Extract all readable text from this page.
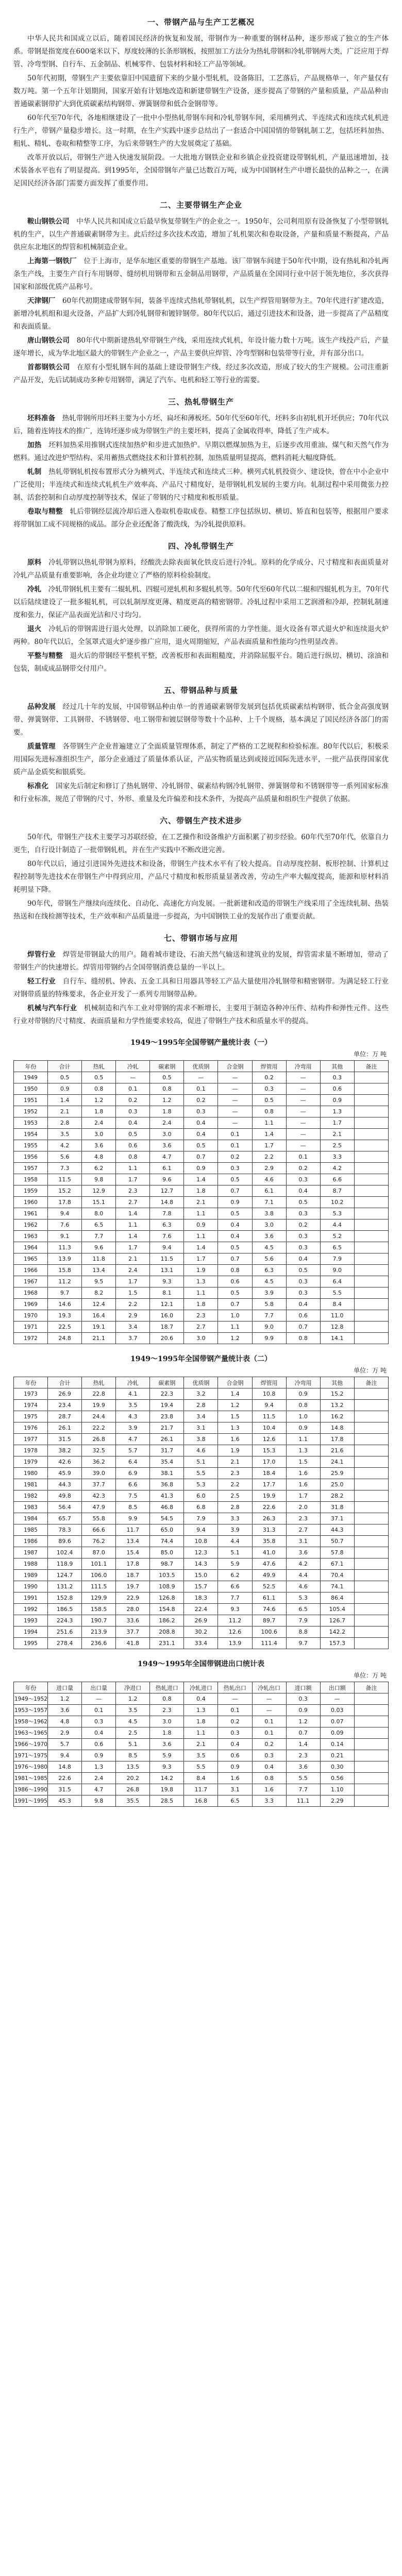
一、带钢产品与生产工艺概况

中华人民共和国成立以后，随着国民经济的恢复和发展，带钢作为一种重要的钢材品种，逐步形成了独立的生产体系。带钢是指宽度在600毫米以下、厚度较薄的长条形钢板，按照加工方法分为热轧带钢和冷轧带钢两大类，广泛应用于焊管、冷弯型钢、自行车、五金制品、机械零件、包装材料和轻工产品等领域。

50年代初期，带钢生产主要依靠旧中国遗留下来的少量小型轧机，设备陈旧，工艺落后，产品规格单一，年产量仅有数万吨。第一个五年计划期间，国家开始有计划地改造和新建带钢生产设备，逐步提高了带钢的产量和质量，产品品种由普通碳素钢带扩大到优质碳素结构钢带、弹簧钢带和低合金钢带等。

60年代至70年代，各地相继建设了一批中小型热轧带钢车间和冷轧带钢车间，采用横列式、半连续式和连续式轧机进行生产，带钢产量稳步增长。这一时期，在生产实践中逐步总结出了一套适合中国国情的带钢轧制工艺，包括坯料加热、粗轧、精轧、卷取和精整等工序，为后来带钢生产的大发展奠定了基础。

改革开放以后，带钢生产进入快速发展阶段。一大批地方钢铁企业和乡镇企业投资建设带钢轧机，产量迅速增加，技术装备水平也有了明显提高。到1995年，全国带钢年产量已达数百万吨，成为中国钢材生产中增长最快的品种之一，在满足国民经济各部门需要方面发挥了重要作用。

二、主要带钢生产企业

鞍山钢铁公司　 中华人民共和国成立后最早恢复带钢生产的企业之一。1950年，公司利用原有设备恢复了小型带钢轧机的生产，以生产普通碳素钢带为主。此后经过多次技术改造，增加了轧机架次和卷取设备，产量和质量不断提高，产品供应东北地区的焊管和机械制造企业。

上海第一钢铁厂　 位于上海市，是华东地区重要的带钢生产基地。该厂带钢车间建于50年代中期，设有热轧和冷轧两条生产线，主要生产自行车用钢带、缝纫机用钢带和五金制品用钢带，产品质量在全国同行业中居于领先地位，多次获得国家和部级优质产品称号。

天津钢厂　 60年代初期建成带钢车间，装备半连续式热轧带钢轧机，以生产焊管用钢带为主。70年代进行扩建改造，新增冷轧机组和退火设备，产品扩大到冷轧钢带和镀锌钢带。80年代以后，通过引进技术和设备，进一步提高了产品精度和表面质量。

唐山钢铁公司　 80年代中期新建热轧窄带钢生产线，采用连续式轧机，年设计能力数十万吨。该生产线投产后，产量逐年增长，成为华北地区最大的带钢生产企业之一，产品主要供应焊管、冷弯型钢和包装带等行业，并有部分出口。

首都钢铁公司　 在原有小型轧钢车间的基础上建设带钢生产线，经过多次改造，形成了较大的生产规模。公司注重新产品开发，先后试制成功多种专用钢带，满足了汽车、电机和轻工等行业的需要。

三、热轧带钢生产

坯料准备　 热轧带钢所用坯料主要为小方坯、扁坯和薄板坯。50年代至60年代，坯料多由初轧机开坯供应；70年代以后，随着连铸技术的推广，连铸坯逐步成为带钢生产的主要坯料，提高了金属收得率，降低了生产成本。

加热　 坯料加热采用推钢式连续加热炉和步进式加热炉。早期以燃煤加热为主，后逐步改用重油、煤气和天然气作为燃料。通过改进炉型结构、采用蓄热式燃烧技术和计算机控制，加热质量明显提高，燃料消耗大幅度降低。

轧制　 热轧带钢轧机按布置形式分为横列式、半连续式和连续式三种。横列式轧机投资少、建设快，曾在中小企业中广泛使用；半连续式和连续式轧机生产效率高、产品尺寸精度好，是带钢轧机发展的主要方向。轧制过程中采用微张力控制、活套控制和自动厚度控制等技术，保证了带钢的尺寸精度和板形质量。

卷取与精整　 轧后带钢经层流冷却后进入卷取机卷取成卷。精整工序包括纵切、横切、矫直和包装等，根据用户要求将带钢加工成不同规格的成品。部分企业还配备了酸洗线，为冷轧提供原料。

四、冷轧带钢生产

原料　 冷轧带钢以热轧带钢为原料，经酸洗去除表面氧化铁皮后进行冷轧。原料的化学成分、尺寸精度和表面质量对冷轧产品质量有重要影响，各企业均建立了严格的原料检验制度。

冷轧　 冷轧带钢轧机主要有二辊轧机、四辊可逆轧机和多辊轧机等。50年代至60年代以二辊和四辊轧机为主，70年代以后陆续建设了一批多辊轧机，可以轧制厚度更薄、精度更高的精密钢带。冷轧过程中采用工艺润滑和冷却，控制轧制速度和张力，保证产品表面光洁和尺寸均匀。

退火　 冷轧后的带钢需进行退火处理，以消除加工硬化，获得所需的力学性能。退火设备有罩式退火炉和连续退火炉两种。80年代以后，全氢罩式退火炉逐步推广应用，退火周期缩短，产品表面质量和性能均匀性明显改善。

平整与精整　 退火后的带钢经平整机平整，改善板形和表面粗糙度，并消除屈服平台。随后进行纵切、横切、涂油和包装，制成成品钢带交付用户。

五、带钢品种与质量

品种发展　 经过几十年的发展，中国带钢品种由单一的普通碳素钢带发展到包括优质碳素结构钢带、低合金高强度钢带、弹簧钢带、工具钢带、不锈钢带、电工钢带和镀层钢带等数十个品种、上千个规格，基本满足了国民经济各部门的需要。

质量管理　 各带钢生产企业普遍建立了全面质量管理体系，制定了严格的工艺规程和检验标准。80年代以后，积极采用国际先进标准组织生产，部分企业通过了质量体系认证，产品实物质量达到或接近国际先进水平，一批产品获得国家优质产品金质奖和银质奖。

标准化　 国家先后制定和修订了热轧钢带、冷轧钢带、碳素结构钢冷轧钢带、弹簧钢带和不锈钢带等一系列国家标准和行业标准，规范了带钢的尺寸、外形、重量及允许偏差和技术条件，为提高产品质量和组织生产提供了依据。

六、带钢生产技术进步

50年代，带钢生产技术主要学习苏联经验，在工艺操作和设备维护方面积累了初步经验。60年代至70年代，依靠自力更生，自行设计制造了一批带钢轧机，并在生产实践中不断改进完善。

80年代以后，通过引进国外先进技术和设备，带钢生产技术水平有了较大提高。自动厚度控制、板形控制、计算机过程控制等先进技术在带钢生产中得到应用，产品尺寸精度和板形质量显著改善，劳动生产率大幅度提高，能源和原材料消耗明显下降。

90年代，带钢生产继续向连续化、自动化、高速化方向发展。一批新建和改造的带钢生产线采用了全连续轧制、热装热送和在线检测等技术，生产效率和产品质量进一步提高，为中国钢铁工业的发展作出了重要贡献。

七、带钢市场与应用

焊管行业　 焊管是带钢最大的用户。随着城市建设、石油天然气输送和建筑业的发展，焊管需求量不断增加，带动了带钢生产的快速增长。焊管用带钢约占全国带钢消费总量的一半以上。

轻工行业　 自行车、缝纫机、钟表、五金工具和日用器具等轻工产品大量使用冷轧钢带和精密钢带。为满足轻工行业对钢带质量的特殊要求，各企业开发了一系列专用钢带品种。

机械与汽车行业　 机械制造和汽车工业对带钢的需求不断增长，主要用于制造各种冲压件、结构件和弹性元件。这些行业对带钢的尺寸精度、表面质量和力学性能要求较高，促进了带钢生产技术和质量水平的提高。

1949～1995年全国带钢产量统计表（一）
单位：万 吨
年份	合计	热轧	冷轧	碳素钢	优质钢	合金钢	焊管用	冷弯用	其他	备注
1949	0.5	0.5	—	0.5	—	—	0.2	—	0.3	
1950	0.9	0.8	0.1	0.8	0.1	—	0.3	—	0.6	
1951	1.4	1.2	0.2	1.2	0.2	—	0.5	—	0.9	
1952	2.1	1.8	0.3	1.8	0.3	—	0.8	—	1.3	
1953	2.8	2.4	0.4	2.4	0.4	—	1.1	—	1.7	
1954	3.5	3.0	0.5	3.0	0.4	0.1	1.4	—	2.1	
1955	4.2	3.6	0.6	3.6	0.5	0.1	1.7	—	2.5	
1956	5.6	4.8	0.8	4.7	0.7	0.2	2.2	0.1	3.3	
1957	7.3	6.2	1.1	6.1	0.9	0.3	2.9	0.2	4.2	
1958	11.5	9.8	1.7	9.6	1.4	0.5	4.6	0.3	6.6	
1959	15.2	12.9	2.3	12.7	1.8	0.7	6.1	0.4	8.7	
1960	17.8	15.1	2.7	14.8	2.1	0.9	7.1	0.5	10.2	
1961	9.4	8.0	1.4	7.8	1.1	0.5	3.8	0.3	5.3	
1962	7.6	6.5	1.1	6.3	0.9	0.4	3.0	0.2	4.4	
1963	9.1	7.7	1.4	7.6	1.1	0.4	3.6	0.3	5.2	
1964	11.3	9.6	1.7	9.4	1.4	0.5	4.5	0.3	6.5	
1965	13.9	11.8	2.1	11.5	1.7	0.7	5.6	0.4	7.9	
1966	15.8	13.4	2.4	13.1	1.9	0.8	6.3	0.5	9.0	
1967	11.2	9.5	1.7	9.3	1.3	0.6	4.5	0.3	6.4	
1968	9.7	8.2	1.5	8.1	1.1	0.5	3.9	0.3	5.5	
1969	14.6	12.4	2.2	12.1	1.8	0.7	5.8	0.4	8.4	
1970	19.3	16.4	2.9	16.0	2.3	1.0	7.7	0.6	11.0	
1971	22.5	19.1	3.4	18.7	2.7	1.1	9.0	0.7	12.8	
1972	24.8	21.1	3.7	20.6	3.0	1.2	9.9	0.8	14.1	
1949～1995年全国带钢产量统计表（二）
单位：万 吨
年份	合计	热轧	冷轧	碳素钢	优质钢	合金钢	焊管用	冷弯用	其他	备注
1973	26.9	22.8	4.1	22.3	3.2	1.4	10.8	0.9	15.2	
1974	23.4	19.9	3.5	19.4	2.8	1.2	9.4	0.8	13.2	
1975	28.7	24.4	4.3	23.8	3.4	1.5	11.5	1.0	16.2	
1976	26.1	22.2	3.9	21.7	3.1	1.3	10.4	0.9	14.8	
1977	31.5	26.8	4.7	26.1	3.8	1.6	12.6	1.1	17.8	
1978	38.2	32.5	5.7	31.7	4.6	1.9	15.3	1.3	21.6	
1979	42.6	36.2	6.4	35.4	5.1	2.1	17.0	1.5	24.1	
1980	45.9	39.0	6.9	38.1	5.5	2.3	18.4	1.6	25.9	
1981	44.3	37.7	6.6	36.8	5.3	2.2	17.7	1.6	25.0	
1982	49.8	42.3	7.5	41.3	6.0	2.5	19.9	1.7	28.2	
1983	56.4	47.9	8.5	46.8	6.8	2.8	22.6	2.0	31.8	
1984	65.7	55.8	9.9	54.5	7.9	3.3	26.3	2.3	37.1	
1985	78.3	66.6	11.7	65.0	9.4	3.9	31.3	2.7	44.3	
1986	89.6	76.2	13.4	74.4	10.8	4.4	35.8	3.1	50.7	
1987	102.4	87.0	15.4	85.0	12.3	5.1	41.0	3.6	57.8	
1988	118.9	101.1	17.8	98.7	14.3	5.9	47.6	4.2	67.1	
1989	124.7	106.0	18.7	103.5	15.0	6.2	49.9	4.4	70.4	
1990	131.2	111.5	19.7	108.9	15.7	6.6	52.5	4.6	74.1	
1991	152.8	129.9	22.9	126.8	18.3	7.7	61.1	5.3	86.4	
1992	186.5	158.5	28.0	154.8	22.4	9.3	74.6	6.5	105.4	
1993	224.3	190.7	33.6	186.2	26.9	11.2	89.7	7.9	126.7	
1994	251.6	213.9	37.7	208.8	30.2	12.6	100.6	8.8	142.2	
1995	278.4	236.6	41.8	231.1	33.4	13.9	111.4	9.7	157.3	
1949～1995年全国带钢进出口统计表
单位：万 吨
年份	进口量	出口量	净进口	热轧进口	冷轧进口	热轧出口	冷轧出口	进口额	出口额	备注
1949～1952	1.2	—	1.2	0.8	0.4	—	—	0.3	—	
1953～1957	3.6	0.1	3.5	2.3	1.3	0.1	—	0.9	0.03	
1958～1962	4.8	0.3	4.5	3.0	1.8	0.2	0.1	1.2	0.07	
1963～1965	2.9	0.4	2.5	1.8	1.1	0.3	0.1	0.7	0.09	
1966～1970	5.7	0.6	5.1	3.6	2.1	0.4	0.2	1.4	0.14	
1971～1975	9.4	0.9	8.5	5.9	3.5	0.6	0.3	2.3	0.21	
1976～1980	14.8	1.3	13.5	9.3	5.5	0.9	0.4	3.6	0.30	
1981～1985	22.6	2.4	20.2	14.2	8.4	1.6	0.8	5.5	0.56	
1986～1990	31.5	4.7	26.8	19.8	11.7	3.1	1.6	7.7	1.10	
1991～1995	45.3	9.8	35.5	28.5	16.8	6.5	3.3	11.1	2.29	
